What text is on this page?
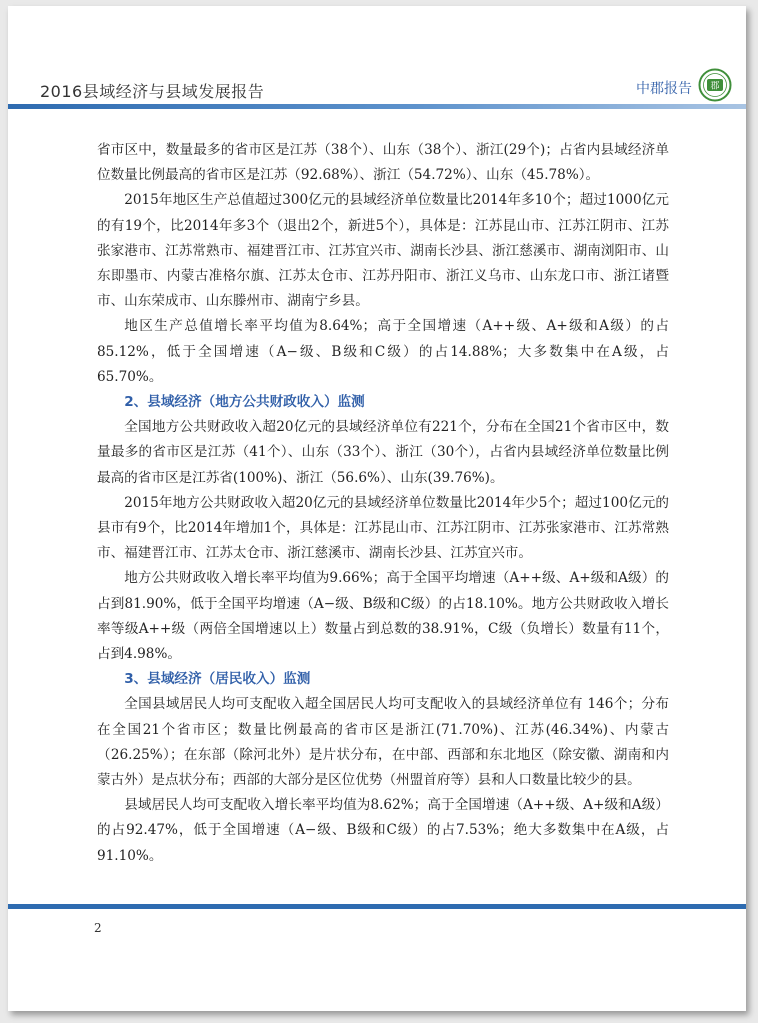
2016县域经济与县域发展报告	中郡报告 郡

省市区中，数量最多的省市区是江苏（38个）、山东（38个）、浙江(29个)；占省内县域经济单位数量比例最高的省市区是江苏（92.68%）、浙江（54.72%）、山东（45.78%）。

2015年地区生产总值超过300亿元的县域经济单位数量比2014年多10个；超过1000亿元的有19个，比2014年多3个（退出2个，新进5个），具体是：江苏昆山市、江苏江阴市、江苏张家港市、江苏常熟市、福建晋江市、江苏宜兴市、湖南长沙县、浙江慈溪市、湖南浏阳市、山东即墨市、内蒙古准格尔旗、江苏太仓市、江苏丹阳市、浙江义乌市、山东龙口市、浙江诸暨市、山东荣成市、山东滕州市、湖南宁乡县。

地区生产总值增长率平均值为8.64%；高于全国增速（A++级、A+级和A级）的占85.12%，低于全国增速（A−级、B级和C级）的占14.88%；大多数集中在A级，占65.70%。

2、县域经济（地方公共财政收入）监测

全国地方公共财政收入超20亿元的县域经济单位有221个，分布在全国21个省市区中，数量最多的省市区是江苏（41个）、山东（33个）、浙江（30个），占省内县域经济单位数量比例最高的省市区是江苏省(100%)、浙江（56.6%）、山东(39.76%)。

2015年地方公共财政收入超20亿元的县域经济单位数量比2014年少5个；超过100亿元的县市有9个，比2014年增加1个，具体是：江苏昆山市、江苏江阴市、江苏张家港市、江苏常熟市、福建晋江市、江苏太仓市、浙江慈溪市、湖南长沙县、江苏宜兴市。

地方公共财政收入增长率平均值为9.66%；高于全国平均增速（A++级、A+级和A级）的占到81.90%，低于全国平均增速（A−级、B级和C级）的占18.10%。地方公共财政收入增长率等级A++级（两倍全国增速以上）数量占到总数的38.91%，C级（负增长）数量有11个，占到4.98%。

3、县域经济（居民收入）监测

全国县域居民人均可支配收入超全国居民人均可支配收入的县域经济单位有 146个；分布在全国21个省市区；数量比例最高的省市区是浙江(71.70%)、江苏(46.34%)、内蒙古（26.25%）；在东部（除河北外）是片状分布，在中部、西部和东北地区（除安徽、湖南和内蒙古外）是点状分布；西部的大部分是区位优势（州盟首府等）县和人口数量比较少的县。

县域居民人均可支配收入增长率平均值为8.62%；高于全国增速（A++级、A+级和A级）的占92.47%，低于全国增速（A−级、B级和C级）的占7.53%；绝大多数集中在A级，占91.10%。

2
